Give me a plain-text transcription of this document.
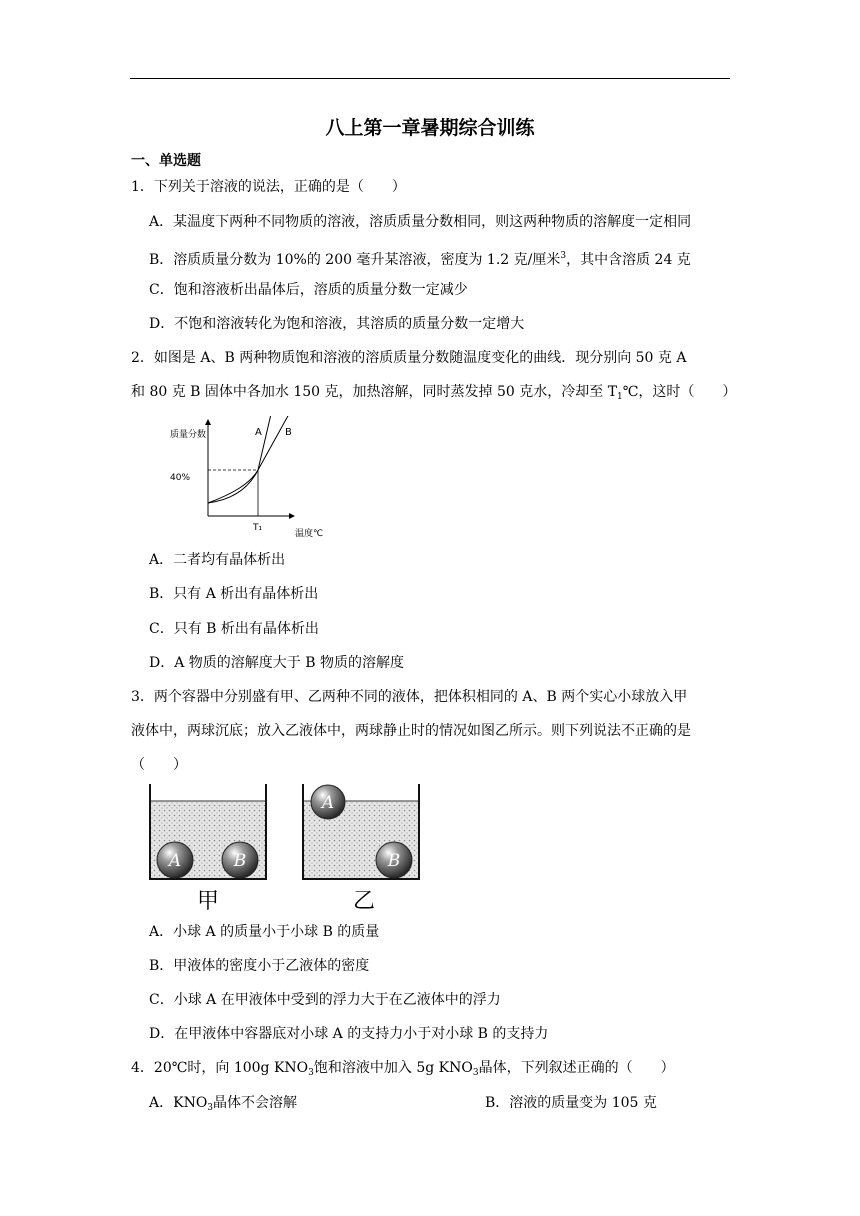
八上第一章暑期综合训练
一、单选题
1．下列关于溶液的说法，正确的是（　　）
A．某温度下两种不同物质的溶液，溶质质量分数相同，则这两种物质的溶解度一定相同
B．溶质质量分数为 10%的 200 毫升某溶液，密度为 1.2 克/厘米$^3$，其中含溶质 24 克
C．饱和溶液析出晶体后，溶质的质量分数一定减少
D．不饱和溶液转化为饱和溶液，其溶质的质量分数一定增大
2．如图是 A、B 两种物质饱和溶液的溶质质量分数随温度变化的曲线．现分别向 50 克 A
和 80 克 B 固体中各加水 150 克，加热溶解，同时蒸发掉 50 克水，冷却至 $T_1℃$，这时（　　）
质量分数
40%
T₁
温度℃
A B
A．二者均有晶体析出
B．只有 A 析出有晶体析出
C．只有 B 析出有晶体析出
D．A 物质的溶解度大于 B 物质的溶解度
3．两个容器中分别盛有甲、乙两种不同的液体，把体积相同的 A、B 两个实心小球放入甲
液体中，两球沉底；放入乙液体中，两球静止时的情况如图乙所示。则下列说法不正确的是
（　　）
A	B
A
B
甲	乙
A．小球 A 的质量小于小球 B 的质量
B．甲液体的密度小于乙液体的密度
C．小球 A 在甲液体中受到的浮力大于在乙液体中的浮力
D．在甲液体中容器底对小球 A 的支持力小于对小球 B 的支持力
4．20℃时，向 100g $KNO_3$饱和溶液中加入 5g $KNO_3$晶体，下列叙述正确的（　　）
A．$KNO_3$晶体不会溶解	B．溶液的质量变为 105 克
